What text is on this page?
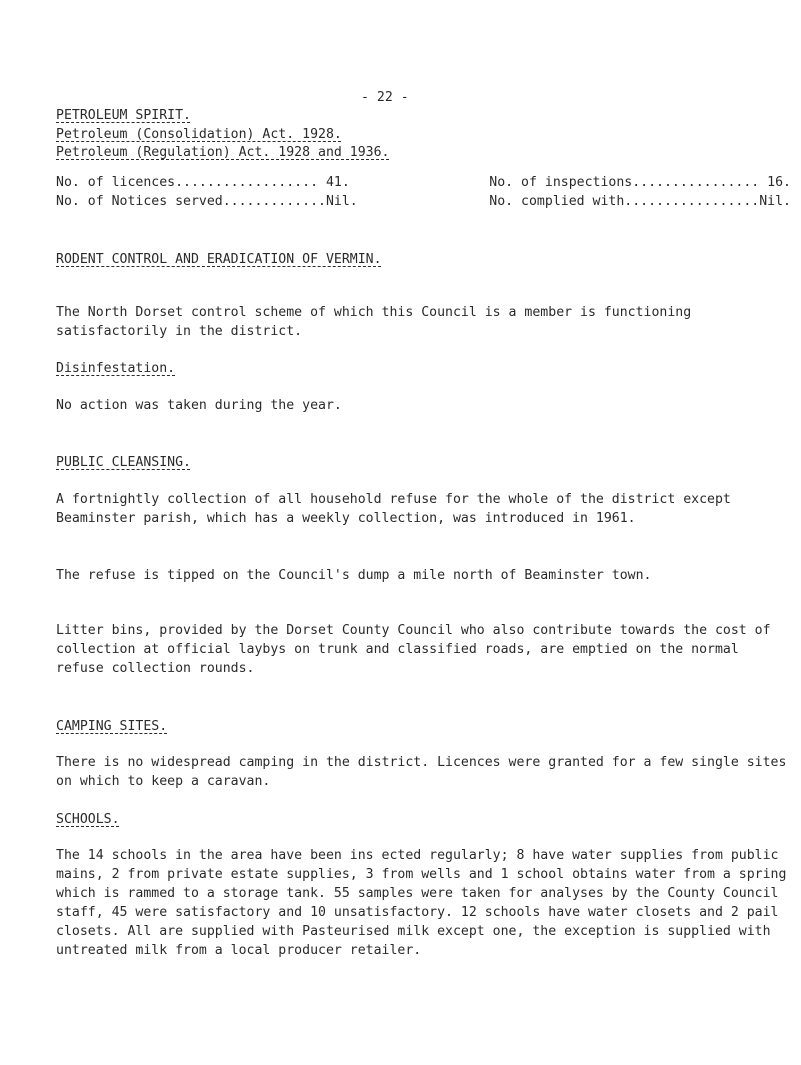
- 22 -
PETROLEUM SPIRIT.
Petroleum (Consolidation) Act. 1928.
Petroleum (Regulation) Act. 1928 and 1936.
No. of licences.................. 41.	No. of inspections................ 16.
No. of Notices served.............Nil.	No. complied with.................Nil.
RODENT CONTROL AND ERADICATION OF VERMIN.
The North Dorset control scheme of which this Council is a member is functioning satisfactorily in the district.
Disinfestation.
No action was taken during the year.
PUBLIC CLEANSING.
A fortnightly collection of all household refuse for the whole of the district except Beaminster parish, which has a weekly collection, was introduced in 1961.
The refuse is tipped on the Council's dump a mile north of Beaminster town.
Litter bins, provided by the Dorset County Council who also contribute towards the cost of collection at official laybys on trunk and classified roads, are emptied on the normal refuse collection rounds.
CAMPING SITES.
There is no widespread camping in the district. Licences were granted for a few single sites on which to keep a caravan.
SCHOOLS.
The 14 schools in the area have been ins ected regularly; 8 have water supplies from public mains, 2 from private estate supplies, 3 from wells and 1 school obtains water from a spring which is rammed to a storage tank. 55 samples were taken for analyses by the County Council staff, 45 were satisfactory and 10 unsatisfactory. 12 schools have water closets and 2 pail closets. All are supplied with Pasteurised milk except one, the exception is supplied with untreated milk from a local producer retailer.
